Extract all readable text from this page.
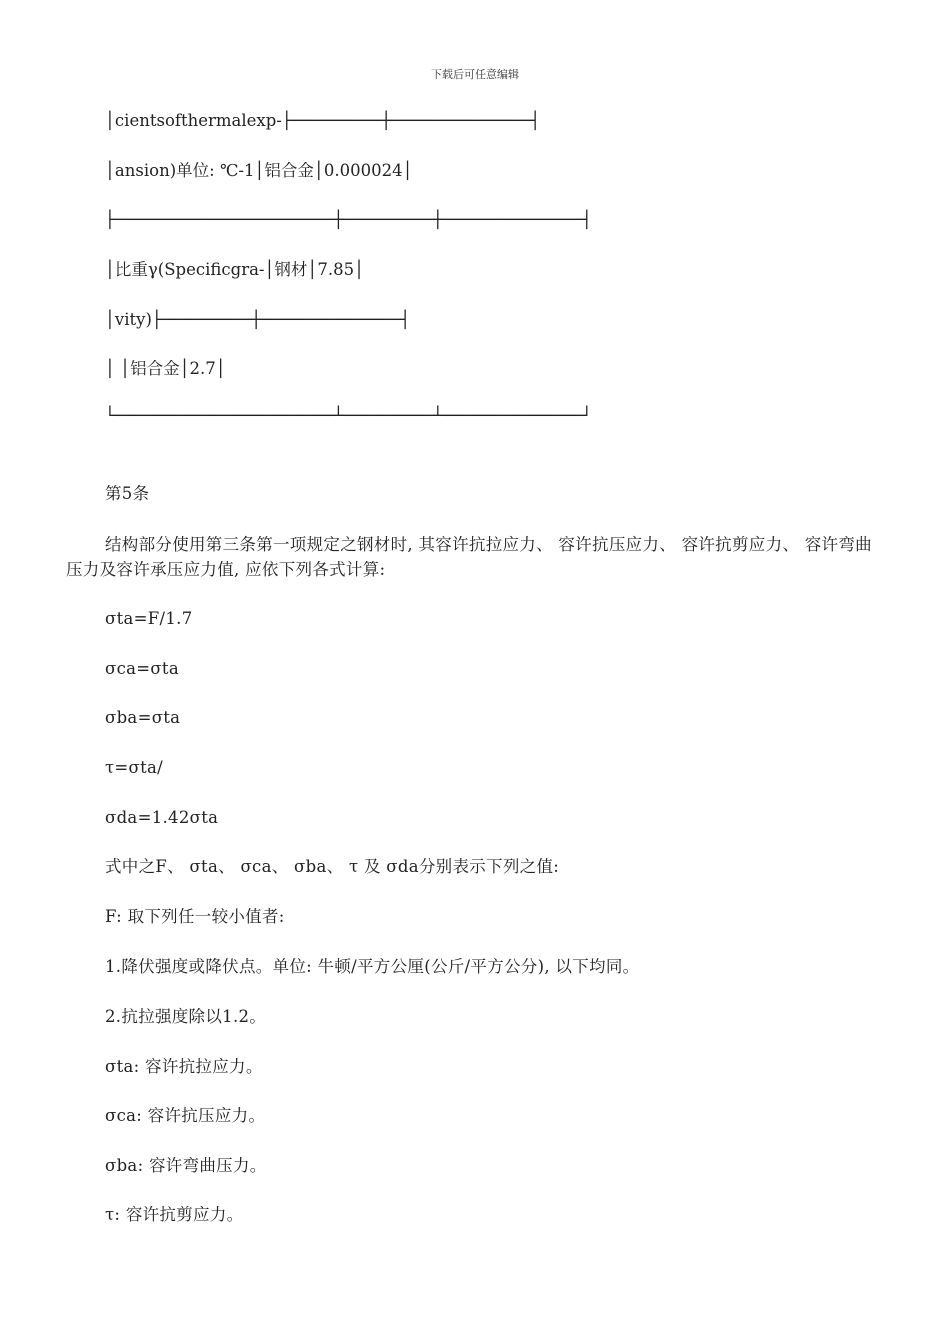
下载后可任意编辑
│cientsofthermalexp-├─────────┼──────────────┤
│ansion)单位: ℃-1│铝合金│0.000024│
├──────────────────────┼─────────┼──────────────┤
│比重γ(Specificgra-│钢材│7.85│
│vity)├─────────┼──────────────┤
│ │铝合金│2.7│
└──────────────────────┴─────────┴──────────────┘
第5条
结构部分使用第三条第一项规定之钢材时, 其容许抗拉应力、 容许抗压应力、 容许抗剪应力、 容许弯曲压力及容许承压应力值, 应依下列各式计算:
σta=F/1.7
σca=σta
σba=σta
τ=σta/
σda=1.42σta
式中之F、 σta、 σca、 σba、 τ 及 σda分别表示下列之值:
F: 取下列任一较小值者:
1.降伏强度或降伏点。单位: 牛顿/平方公厘(公斤/平方公分), 以下均同。
2.抗拉强度除以1.2。
σta: 容许抗拉应力。
σca: 容许抗压应力。
σba: 容许弯曲压力。
τ: 容许抗剪应力。
